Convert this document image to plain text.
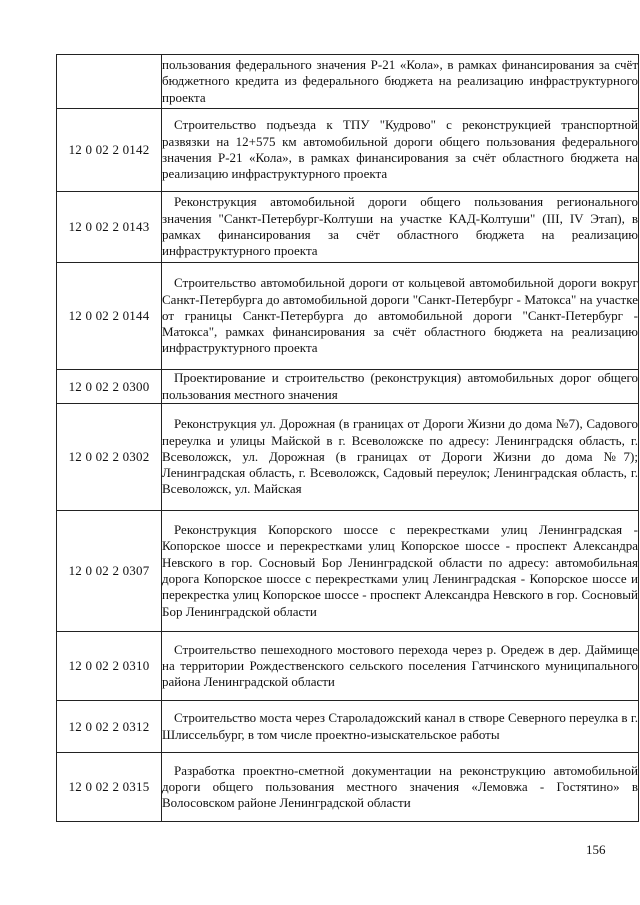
	пользования федерального значения Р-21 «Кола», в рамках финансирования за счёт бюджетного кредита из федерального бюджета на реализацию инфраструктурного проекта
12 0 02 2 0142	Строительство подъезда к ТПУ "Кудрово" с реконструкцией транспортной развязки на 12+575 км автомобильной дороги общего пользования федерального значения Р-21 «Кола», в рамках финансирования за счёт областного бюджета на реализацию инфраструктурного проекта
12 0 02 2 0143	Реконструкция автомобильной дороги общего пользования регионального значения "Санкт-Петербург-Колтуши на участке КАД-Колтуши" (III, IV Этап), в рамках финансирования за счёт областного бюджета на реализацию инфраструктурного проекта
12 0 02 2 0144	Строительство автомобильной дороги от кольцевой автомобильной дороги вокруг Санкт-Петербурга до автомобильной дороги "Санкт-Петербург - Матокса" на участке от границы Санкт-Петербурга до автомобильной дороги "Санкт-Петербург - Матокса", рамках финансирования за счёт областного бюджета на реализацию инфраструктурного проекта
12 0 02 2 0300	Проектирование и строительство (реконструкция) автомобильных дорог общего пользования местного значения
12 0 02 2 0302	Реконструкция ул. Дорожная (в границах от Дороги Жизни до дома №7), Садового переулка и улицы Майской в г. Всеволожске по адресу: Ленинградскя область, г. Всеволожск, ул. Дорожная (в границах от Дороги Жизни до дома №7); Ленинградская область, г. Всеволожск, Садовый переулок; Ленинградская область, г. Всеволожск, ул. Майская
12 0 02 2 0307	Реконструкция Копорского шоссе с перекрестками улиц Ленинградская - Копорское шоссе и перекрестками улиц Копорское шоссе - проспект Александра Невского в гор. Сосновый Бор Ленинградской области по адресу: автомобильная дорога Копорское шоссе с перекрестками улиц Ленинградская - Копорское шоссе и перекрестка улиц Копорское шоссе - проспект Александра Невского в гор. Сосновый Бор Ленинградской области
12 0 02 2 0310	Строительство пешеходного мостового перехода через р. Оредеж в дер. Даймище на территории Рождественского сельского поселения Гатчинского муниципального района Ленинградской области
12 0 02 2 0312	Строительство моста через Староладожский канал в створе Северного переулка в г. Шлиссельбург, в том числе проектно-изыскательское работы
12 0 02 2 0315	Разработка проектно-сметной документации на реконструкцию автомобильной дороги общего пользования местного значения «Лемовжа - Гостятино» в Волосовском районе Ленинградской области
156
